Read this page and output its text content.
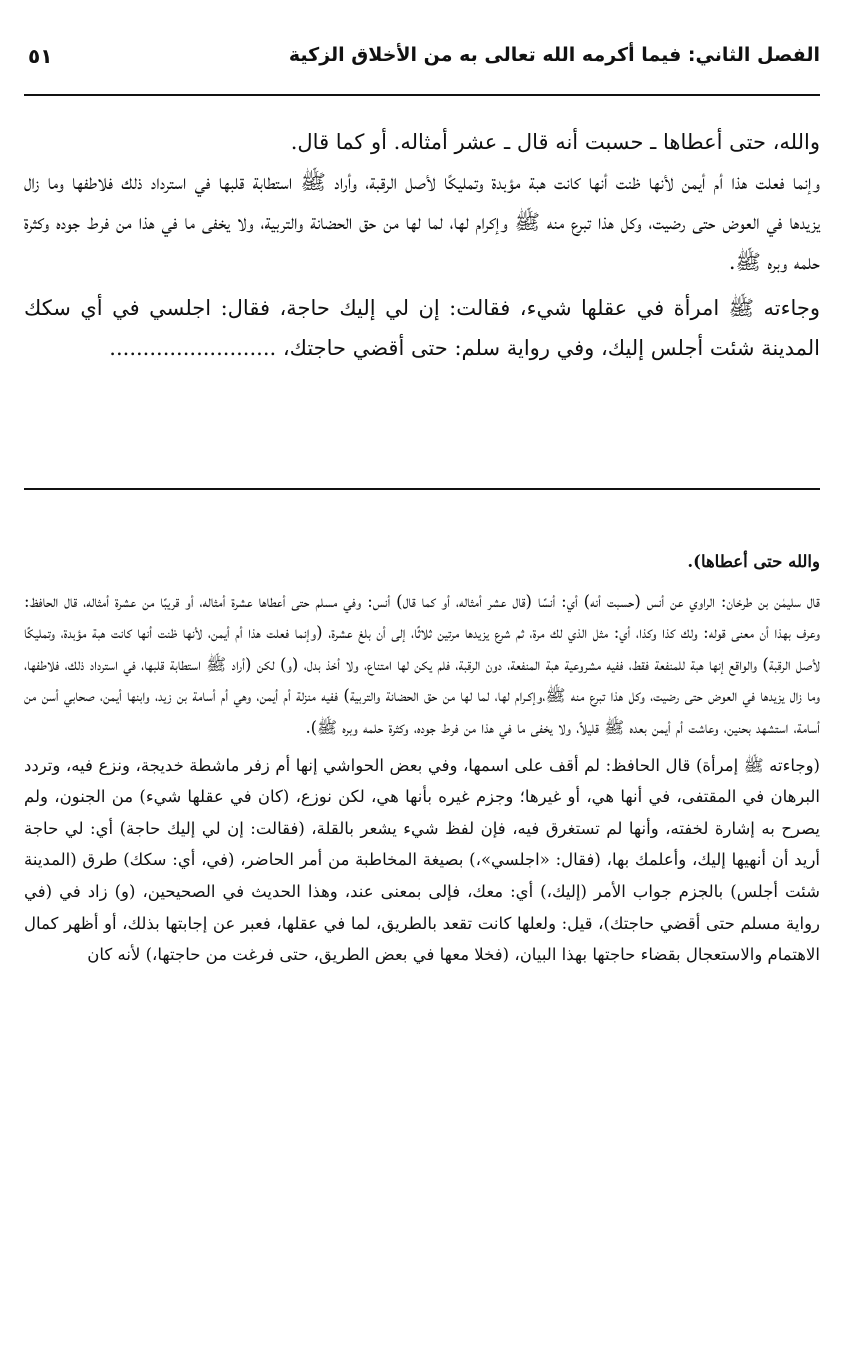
الفصل الثاني: فيما أكرمه الله تعالى به من الأخلاق الزكية
٥١

والله، حتى أعطاها ـ حسبت أنه قال ـ عشر أمثاله. أو كما قال.

وإنما فعلت هذا أم أيمن لأنها ظنت أنها كانت هبة مؤبدة وتمليكًا لأصل الرقبة، وأراد ﷺ استطابة قلبها في استرداد ذلك فلاطفها وما زال يزيدها في العوض حتى رضيت، وكل هذا تبرع منه ﷺ وإكرام لها، لما لها من حق الحضانة والتربية، ولا يخفى ما في هذا من فرط جوده وكثرة حلمه وبره ﷺ.

وجاءته ﷺ امرأة في عقلها شيء، فقالت: إن لي إليك حاجة، فقال: اجلسي في أي سكك المدينة شئت أجلس إليك، وفي رواية سلم: حتى أقضي حاجتك، .........................

والله حتى أعطاها).

قال سليمٰن بن طرخان: الراوي عن أنس (حسبت أنه) أي: أنسًا (قال عشر أمثاله، أو كما قال) أنس: وفي مسلم حتى أعطاها عشرة أمثاله، أو قريبًا من عشرة أمثاله، قال الحافظ: وعرف بهذا أن معنى قوله: ولك كذا وكذا، أي: مثل الذي لك مرة، ثم شرع يزيدها مرتين ثلاثًا، إلى أن بلغ عشرة، (وإنما فعلت هذا أم أيمن، لأنها ظنت أنها كانت هبة مؤبدة، وتمليكًا لأصل الرقبة) والواقع إنها هبة للمنفعة فقط، ففيه مشروعية هبة المنفعة، دون الرقبة، فلم يكن لها امتناع، ولا أخذ بدل، (و) لكن (أراد ﷺ استطابة قلبها، في استرداد ذلك، فلاطفها، وما زال يزيدها في العوض حتى رضيت، وكل هذا تبرع منه ﷺ،وإكـرام لها، لما لها من حق الحضانة والتربية) ففيه منزلة أم أيمن، وهي أم أسامة بن زيد، وابنها أيمن، صحابي أسن من أسامة، استشهد بحنين، وعاشت أم أيمن بعده ﷺ قليلاً، ولا يخفى ما في هذا من فرط جوده، وكثرة حلمه وبره ﷺ).

(وجاءته ﷺ إمرأة) قال الحافظ: لم أقف على اسمها، وفي بعض الحواشي إنها أم زفر ماشطة خديجة، ونزع فيه، وتردد البرهان في المقتفى، في أنها هي، أو غيرها؛ وجزم غيره بأنها هي، لكن نوزع، (كان في عقلها شيء) من الجنون، ولم يصرح به إشارة لخفته، وأنها لم تستغرق فيه، فإن لفظ شيء يشعر بالقلة، (فقالت: إن لي إليك حاجة) أي: لي حاجة أريد أن أنهيها إليك، وأعلمك بها، (فقال: «اجلسي»،) بصيغة المخاطبة من أمر الحاضر، (في، أي: سكك) طرق (المدينة شئت أجلس) بالجزم جواب الأمر (إليك،) أي: معك، فإلى بمعنى عند، وهذا الحديث في الصحيحين، (و) زاد في (في رواية مسلم حتى أقضي حاجتك)، قيل: ولعلها كانت تقعد بالطريق، لما في عقلها، فعبر عن إجابتها بذلك، أو أظهر كمال الاهتمام والاستعجال بقضاء حاجتها بهذا البيان، (فخلا معها في بعض الطريق، حتى فرغت من حاجتها،) لأنه كان
